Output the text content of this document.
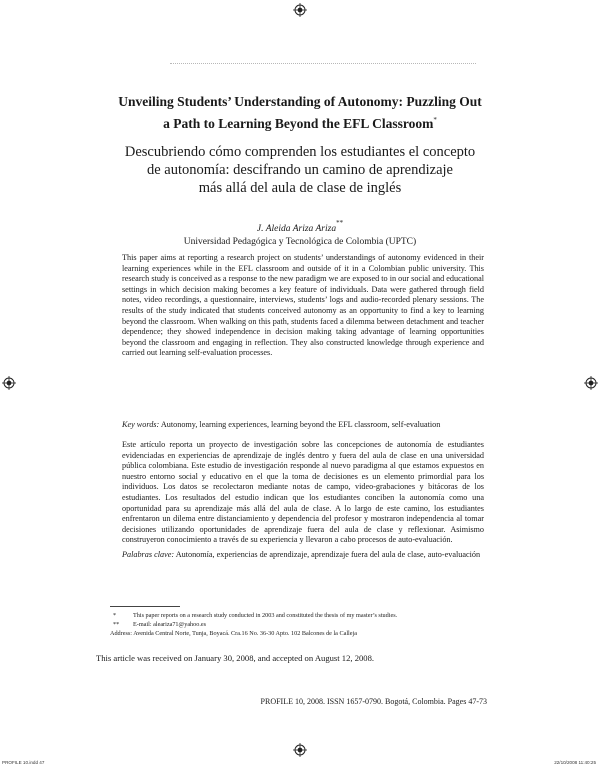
Unveiling Students’ Understanding of Autonomy: Puzzling Out
a Path to Learning Beyond the EFL Classroom*
Descubriendo cómo comprenden los estudiantes el concepto
de autonomía: descifrando un camino de aprendizaje
más allá del aula de clase de inglés
J. Aleida Ariza Ariza**
Universidad Pedagógica y Tecnológica de Colombia (UPTC)

This paper aims at reporting a research project on students’ understandings of autonomy evidenced in their learning experiences while in the EFL classroom and outside of it in a Colombian public university. This research study is conceived as a response to the new paradigm we are exposed to in our social and educational settings in which decision making becomes a key feature of individuals. Data were gathered through field notes, video recordings, a questionnaire, interviews, students’ logs and audio-recorded plenary sessions. The results of the study indicated that students conceived autonomy as an opportunity to find a key to learning beyond the classroom. When walking on this path, students faced a dilemma between detachment and teacher dependence; they showed independence in decision making taking advantage of learning opportunities beyond the classroom and engaging in reflection. They also constructed knowledge through experience and carried out learning self-evaluation processes.

Key words: Autonomy, learning experiences, learning beyond the EFL classroom, self-evaluation

Este artículo reporta un proyecto de investigación sobre las concepciones de autonomía de estudiantes evidenciadas en experiencias de aprendizaje de inglés dentro y fuera del aula de clase en una universidad pública colombiana. Este estudio de investigación responde al nuevo paradigma al que estamos expuestos en nuestro entorno social y educativo en el que la toma de decisiones es un elemento primordial para los individuos. Los datos se recolectaron mediante notas de campo, video-grabaciones y bitácoras de los estudiantes. Los resultados del estudio indican que los estudiantes conciben la autonomía como una oportunidad para su aprendizaje más allá del aula de clase. A lo largo de este camino, los estudiantes enfrentaron un dilema entre distanciamiento y dependencia del profesor y mostraron independencia al tomar decisiones utilizando oportunidades de aprendizaje fuera del aula de clase y reflexionar. Asimismo construyeron conocimiento a través de su experiencia y llevaron a cabo procesos de auto-evaluación.

Palabras clave: Autonomía, experiencias de aprendizaje, aprendizaje fuera del aula de clase, auto-evaluación

*	This paper reports on a research study conducted in 2003 and constituted the thesis of my master’s studies.
** E-mail: aleariza71@yahoo.es
Address: Avenida Central Norte, Tunja, Boyacá. Cra.16 No. 36-30 Apto. 102 Balcones de la Calleja
This article was received on January 30, 2008, and accepted on August 12, 2008.
PROFILE 10, 2008. ISSN 1657-0790. Bogotá, Colombia. Pages 47-73
PROFILE 10.indd 47	22/10/2008 11:40:25
